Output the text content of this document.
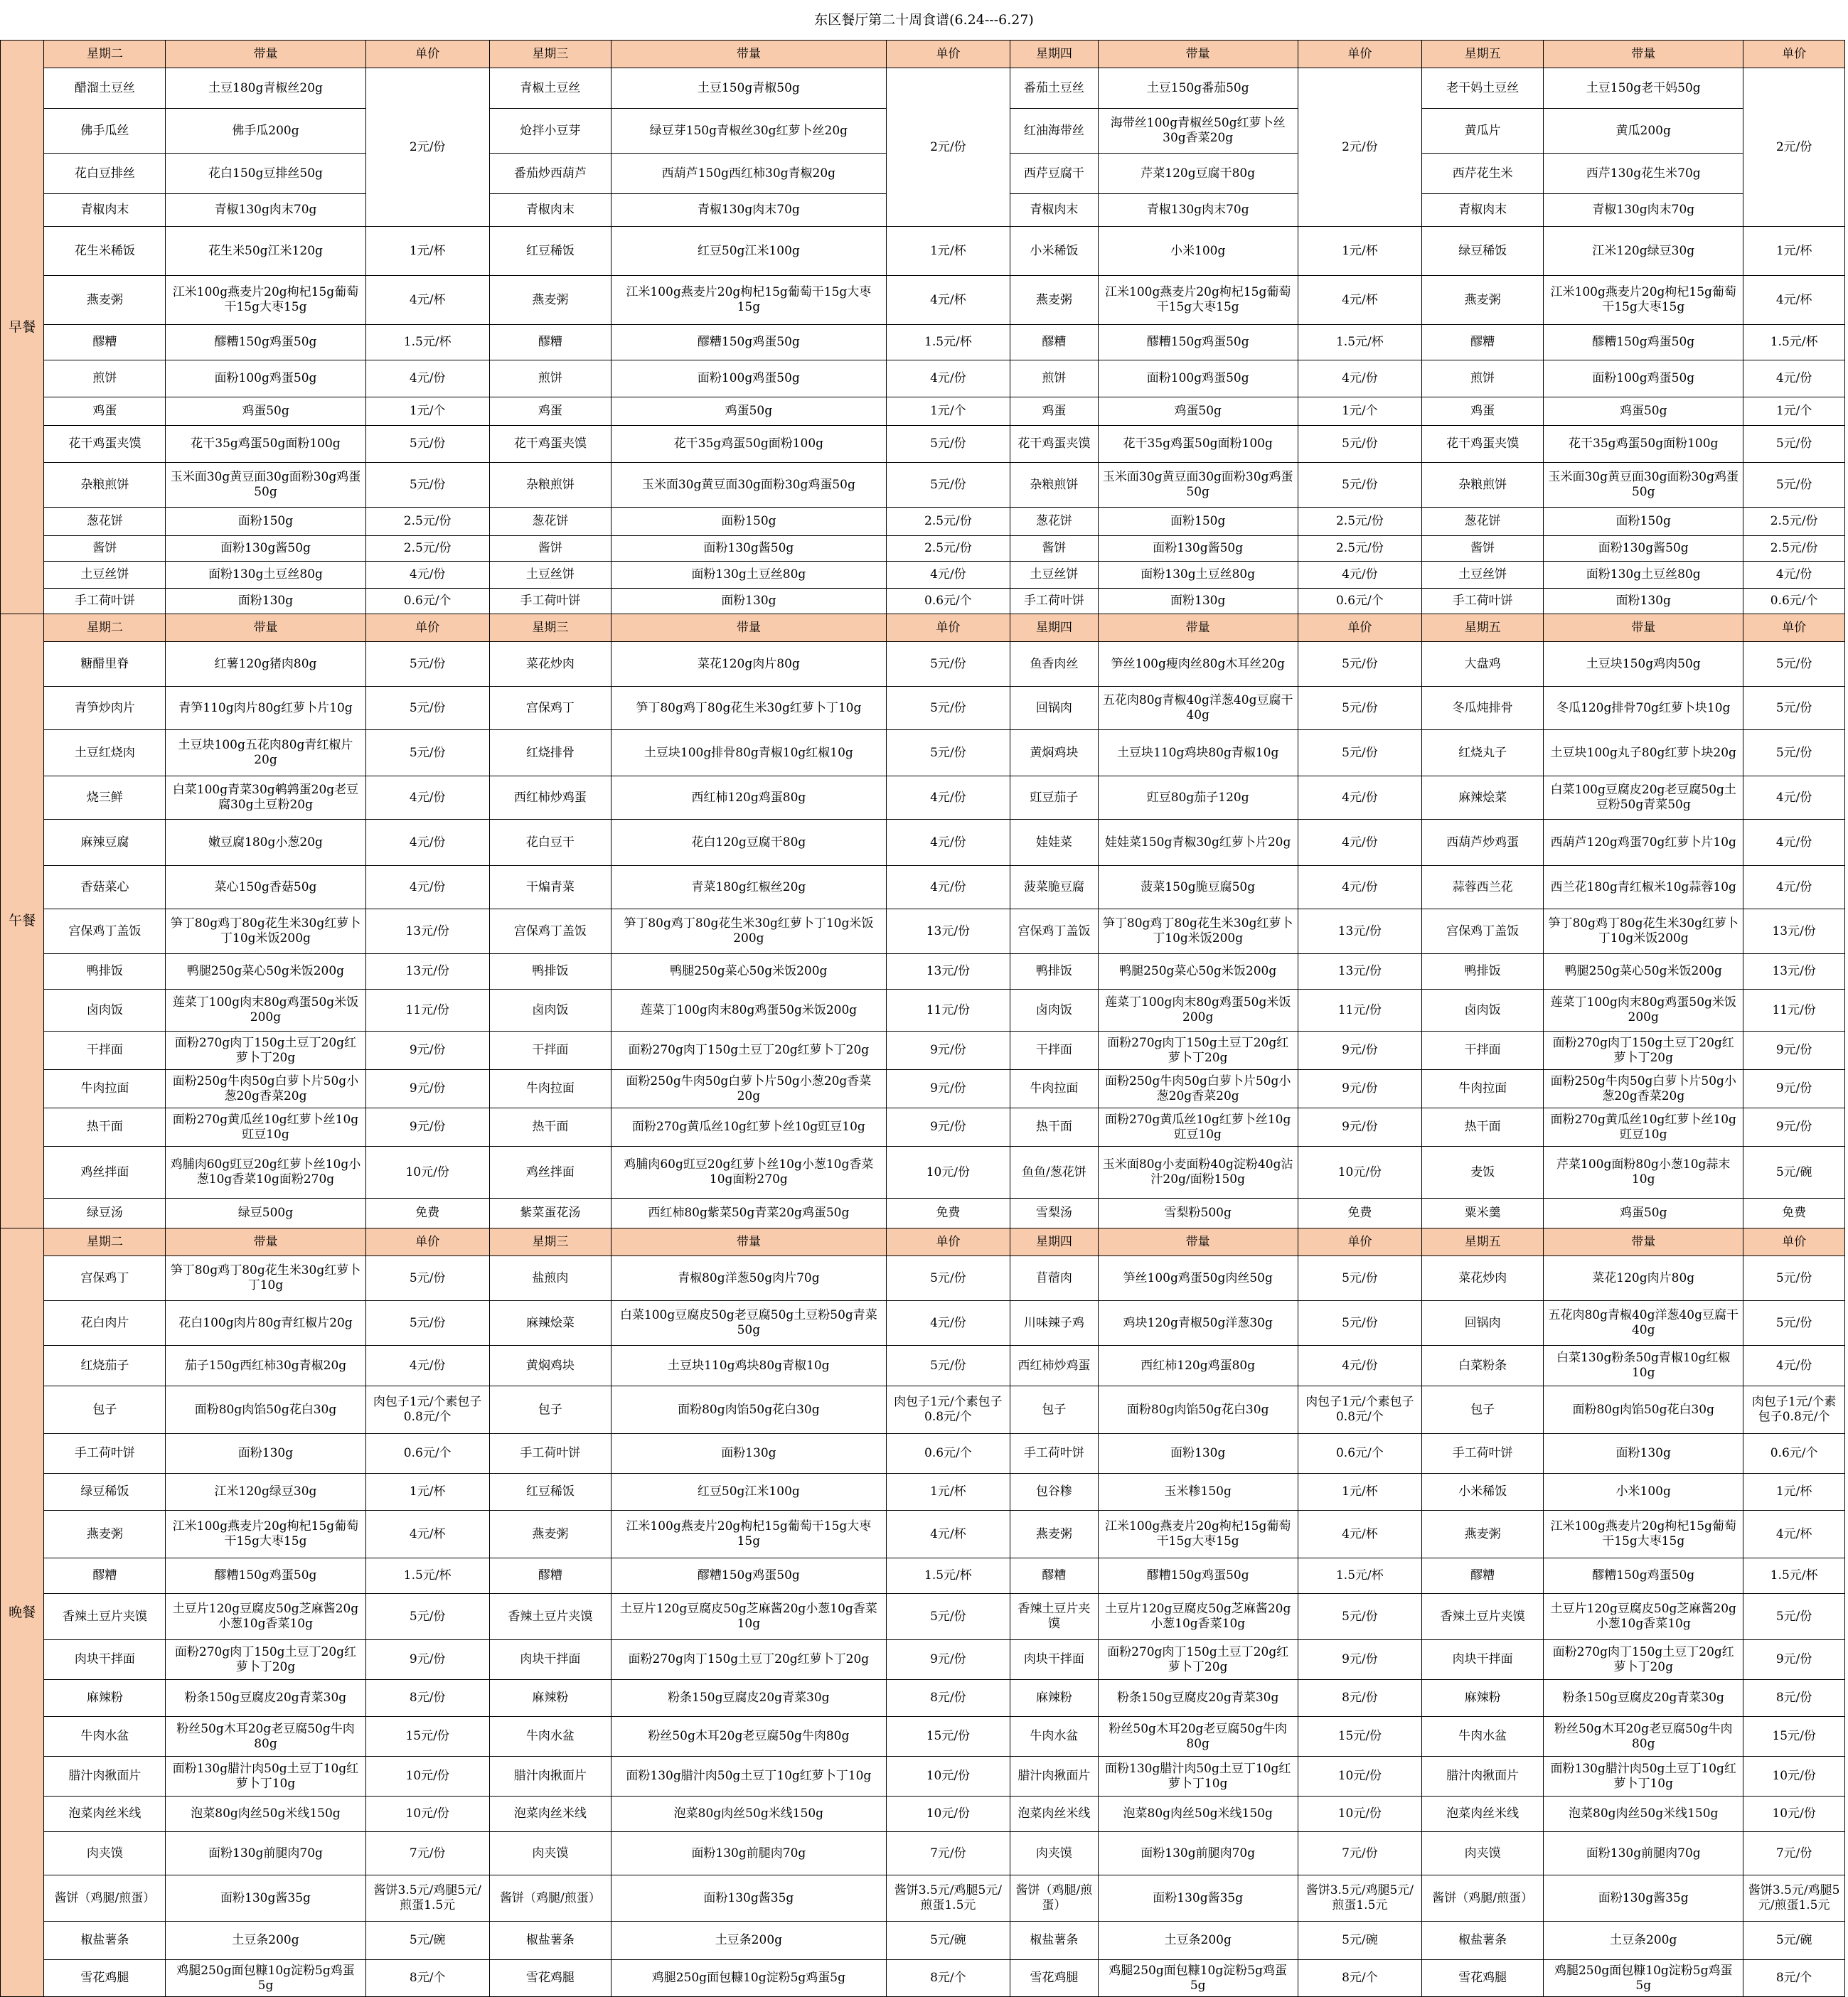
东区餐厅第二十周食谱(6.24---6.27)
早餐	星期二	带量	单价	星期三	带量	单价	星期四	带量	单价	星期五	带量	单价
	醋溜土豆丝	土豆180g青椒丝20g	2元/份	青椒土豆丝	土豆150g青椒50g	2元/份	番茄土豆丝	土豆150g番茄50g	2元/份	老干妈土豆丝	土豆150g老干妈50g	2元/份
	佛手瓜丝	佛手瓜200g		炝拌小豆芽	绿豆芽150g青椒丝30g红萝卜丝20g		红油海带丝	海带丝100g青椒丝50g红萝卜丝30g香菜20g		黄瓜片	黄瓜200g	
	花白豆排丝	花白150g豆排丝50g		番茄炒西葫芦	西葫芦150g西红柿30g青椒20g		西芹豆腐干	芹菜120g豆腐干80g		西芹花生米	西芹130g花生米70g	
	青椒肉末	青椒130g肉末70g		青椒肉末	青椒130g肉末70g		青椒肉末	青椒130g肉末70g		青椒肉末	青椒130g肉末70g	
	花生米稀饭	花生米50g江米120g	1元/杯	红豆稀饭	红豆50g江米100g	1元/杯	小米稀饭	小米100g	1元/杯	绿豆稀饭	江米120g绿豆30g	1元/杯
	燕麦粥	江米100g燕麦片20g枸杞15g葡萄干15g大枣15g	4元/杯	燕麦粥	江米100g燕麦片20g枸杞15g葡萄干15g大枣15g	4元/杯	燕麦粥	江米100g燕麦片20g枸杞15g葡萄干15g大枣15g	4元/杯	燕麦粥	江米100g燕麦片20g枸杞15g葡萄干15g大枣15g	4元/杯
	醪糟	醪糟150g鸡蛋50g	1.5元/杯	醪糟	醪糟150g鸡蛋50g	1.5元/杯	醪糟	醪糟150g鸡蛋50g	1.5元/杯	醪糟	醪糟150g鸡蛋50g	1.5元/杯
	煎饼	面粉100g鸡蛋50g	4元/份	煎饼	面粉100g鸡蛋50g	4元/份	煎饼	面粉100g鸡蛋50g	4元/份	煎饼	面粉100g鸡蛋50g	4元/份
	鸡蛋	鸡蛋50g	1元/个	鸡蛋	鸡蛋50g	1元/个	鸡蛋	鸡蛋50g	1元/个	鸡蛋	鸡蛋50g	1元/个
	花干鸡蛋夹馍	花干35g鸡蛋50g面粉100g	5元/份	花干鸡蛋夹馍	花干35g鸡蛋50g面粉100g	5元/份	花干鸡蛋夹馍	花干35g鸡蛋50g面粉100g	5元/份	花干鸡蛋夹馍	花干35g鸡蛋50g面粉100g	5元/份
	杂粮煎饼	玉米面30g黄豆面30g面粉30g鸡蛋50g	5元/份	杂粮煎饼	玉米面30g黄豆面30g面粉30g鸡蛋50g	5元/份	杂粮煎饼	玉米面30g黄豆面30g面粉30g鸡蛋50g	5元/份	杂粮煎饼	玉米面30g黄豆面30g面粉30g鸡蛋50g	5元/份
	葱花饼	面粉150g	2.5元/份	葱花饼	面粉150g	2.5元/份	葱花饼	面粉150g	2.5元/份	葱花饼	面粉150g	2.5元/份
	酱饼	面粉130g酱50g	2.5元/份	酱饼	面粉130g酱50g	2.5元/份	酱饼	面粉130g酱50g	2.5元/份	酱饼	面粉130g酱50g	2.5元/份
	土豆丝饼	面粉130g土豆丝80g	4元/份	土豆丝饼	面粉130g土豆丝80g	4元/份	土豆丝饼	面粉130g土豆丝80g	4元/份	土豆丝饼	面粉130g土豆丝80g	4元/份
	手工荷叶饼	面粉130g	0.6元/个	手工荷叶饼	面粉130g	0.6元/个	手工荷叶饼	面粉130g	0.6元/个	手工荷叶饼	面粉130g	0.6元/个
午餐	星期二	带量	单价	星期三	带量	单价	星期四	带量	单价	星期五	带量	单价
	糖醋里脊	红薯120g猪肉80g	5元/份	菜花炒肉	菜花120g肉片80g	5元/份	鱼香肉丝	笋丝100g瘦肉丝80g木耳丝20g	5元/份	大盘鸡	土豆块150g鸡肉50g	5元/份
	青笋炒肉片	青笋110g肉片80g红萝卜片10g	5元/份	宫保鸡丁	笋丁80g鸡丁80g花生米30g红萝卜丁10g	5元/份	回锅肉	五花肉80g青椒40g洋葱40g豆腐干40g	5元/份	冬瓜炖排骨	冬瓜120g排骨70g红萝卜块10g	5元/份
	土豆红烧肉	土豆块100g五花肉80g青红椒片20g	5元/份	红烧排骨	土豆块100g排骨80g青椒10g红椒10g	5元/份	黄焖鸡块	土豆块110g鸡块80g青椒10g	5元/份	红烧丸子	土豆块100g丸子80g红萝卜块20g	5元/份
	烧三鲜	白菜100g青菜30g鹌鹑蛋20g老豆腐30g土豆粉20g	4元/份	西红柿炒鸡蛋	西红柿120g鸡蛋80g	4元/份	豇豆茄子	豇豆80g茄子120g	4元/份	麻辣烩菜	白菜100g豆腐皮20g老豆腐50g土豆粉50g青菜50g	4元/份
	麻辣豆腐	嫩豆腐180g小葱20g	4元/份	花白豆干	花白120g豆腐干80g	4元/份	娃娃菜	娃娃菜150g青椒30g红萝卜片20g	4元/份	西葫芦炒鸡蛋	西葫芦120g鸡蛋70g红萝卜片10g	4元/份
	香菇菜心	菜心150g香菇50g	4元/份	干煸青菜	青菜180g红椒丝20g	4元/份	菠菜脆豆腐	菠菜150g脆豆腐50g	4元/份	蒜蓉西兰花	西兰花180g青红椒米10g蒜蓉10g	4元/份
	宫保鸡丁盖饭	笋丁80g鸡丁80g花生米30g红萝卜丁10g米饭200g	13元/份	宫保鸡丁盖饭	笋丁80g鸡丁80g花生米30g红萝卜丁10g米饭200g	13元/份	宫保鸡丁盖饭	笋丁80g鸡丁80g花生米30g红萝卜丁10g米饭200g	13元/份	宫保鸡丁盖饭	笋丁80g鸡丁80g花生米30g红萝卜丁10g米饭200g	13元/份
	鸭排饭	鸭腿250g菜心50g米饭200g	13元/份	鸭排饭	鸭腿250g菜心50g米饭200g	13元/份	鸭排饭	鸭腿250g菜心50g米饭200g	13元/份	鸭排饭	鸭腿250g菜心50g米饭200g	13元/份
	卤肉饭	莲菜丁100g肉末80g鸡蛋50g米饭200g	11元/份	卤肉饭	莲菜丁100g肉末80g鸡蛋50g米饭200g	11元/份	卤肉饭	莲菜丁100g肉末80g鸡蛋50g米饭200g	11元/份	卤肉饭	莲菜丁100g肉末80g鸡蛋50g米饭200g	11元/份
	干拌面	面粉270g肉丁150g土豆丁20g红萝卜丁20g	9元/份	干拌面	面粉270g肉丁150g土豆丁20g红萝卜丁20g	9元/份	干拌面	面粉270g肉丁150g土豆丁20g红萝卜丁20g	9元/份	干拌面	面粉270g肉丁150g土豆丁20g红萝卜丁20g	9元/份
	牛肉拉面	面粉250g牛肉50g白萝卜片50g小葱20g香菜20g	9元/份	牛肉拉面	面粉250g牛肉50g白萝卜片50g小葱20g香菜20g	9元/份	牛肉拉面	面粉250g牛肉50g白萝卜片50g小葱20g香菜20g	9元/份	牛肉拉面	面粉250g牛肉50g白萝卜片50g小葱20g香菜20g	9元/份
	热干面	面粉270g黄瓜丝10g红萝卜丝10g豇豆10g	9元/份	热干面	面粉270g黄瓜丝10g红萝卜丝10g豇豆10g	9元/份	热干面	面粉270g黄瓜丝10g红萝卜丝10g豇豆10g	9元/份	热干面	面粉270g黄瓜丝10g红萝卜丝10g豇豆10g	9元/份
	鸡丝拌面	鸡脯肉60g豇豆20g红萝卜丝10g小葱10g香菜10g面粉270g	10元/份	鸡丝拌面	鸡脯肉60g豇豆20g红萝卜丝10g小葱10g香菜10g面粉270g	10元/份	鱼鱼/葱花饼	玉米面80g小麦面粉40g淀粉40g沾汁20g/面粉150g	10元/份	麦饭	芹菜100g面粉80g小葱10g蒜末10g	5元/碗
	绿豆汤	绿豆500g	免费	紫菜蛋花汤	西红柿80g紫菜50g青菜20g鸡蛋50g	免费	雪梨汤	雪梨粉500g	免费	粟米羹	鸡蛋50g	免费
晚餐	星期二	带量	单价	星期三	带量	单价	星期四	带量	单价	星期五	带量	单价
	宫保鸡丁	笋丁80g鸡丁80g花生米30g红萝卜丁10g	5元/份	盐煎肉	青椒80g洋葱50g肉片70g	5元/份	苜蓿肉	笋丝100g鸡蛋50g肉丝50g	5元/份	菜花炒肉	菜花120g肉片80g	5元/份
	花白肉片	花白100g肉片80g青红椒片20g	5元/份	麻辣烩菜	白菜100g豆腐皮50g老豆腐50g土豆粉50g青菜50g	4元/份	川味辣子鸡	鸡块120g青椒50g洋葱30g	5元/份	回锅肉	五花肉80g青椒40g洋葱40g豆腐干40g	5元/份
	红烧茄子	茄子150g西红柿30g青椒20g	4元/份	黄焖鸡块	土豆块110g鸡块80g青椒10g	5元/份	西红柿炒鸡蛋	西红柿120g鸡蛋80g	4元/份	白菜粉条	白菜130g粉条50g青椒10g红椒10g	4元/份
	包子	面粉80g肉馅50g花白30g	肉包子1元/个素包子0.8元/个	包子	面粉80g肉馅50g花白30g	肉包子1元/个素包子0.8元/个	包子	面粉80g肉馅50g花白30g	肉包子1元/个素包子0.8元/个	包子	面粉80g肉馅50g花白30g	肉包子1元/个素包子0.8元/个
	手工荷叶饼	面粉130g	0.6元/个	手工荷叶饼	面粉130g	0.6元/个	手工荷叶饼	面粉130g	0.6元/个	手工荷叶饼	面粉130g	0.6元/个
	绿豆稀饭	江米120g绿豆30g	1元/杯	红豆稀饭	红豆50g江米100g	1元/杯	包谷糁	玉米糁150g	1元/杯	小米稀饭	小米100g	1元/杯
	燕麦粥	江米100g燕麦片20g枸杞15g葡萄干15g大枣15g	4元/杯	燕麦粥	江米100g燕麦片20g枸杞15g葡萄干15g大枣15g	4元/杯	燕麦粥	江米100g燕麦片20g枸杞15g葡萄干15g大枣15g	4元/杯	燕麦粥	江米100g燕麦片20g枸杞15g葡萄干15g大枣15g	4元/杯
	醪糟	醪糟150g鸡蛋50g	1.5元/杯	醪糟	醪糟150g鸡蛋50g	1.5元/杯	醪糟	醪糟150g鸡蛋50g	1.5元/杯	醪糟	醪糟150g鸡蛋50g	1.5元/杯
	香辣土豆片夹馍	土豆片120g豆腐皮50g芝麻酱20g小葱10g香菜10g	5元/份	香辣土豆片夹馍	土豆片120g豆腐皮50g芝麻酱20g小葱10g香菜10g	5元/份	香辣土豆片夹馍	土豆片120g豆腐皮50g芝麻酱20g小葱10g香菜10g	5元/份	香辣土豆片夹馍	土豆片120g豆腐皮50g芝麻酱20g小葱10g香菜10g	5元/份
	肉块干拌面	面粉270g肉丁150g土豆丁20g红萝卜丁20g	9元/份	肉块干拌面	面粉270g肉丁150g土豆丁20g红萝卜丁20g	9元/份	肉块干拌面	面粉270g肉丁150g土豆丁20g红萝卜丁20g	9元/份	肉块干拌面	面粉270g肉丁150g土豆丁20g红萝卜丁20g	9元/份
	麻辣粉	粉条150g豆腐皮20g青菜30g	8元/份	麻辣粉	粉条150g豆腐皮20g青菜30g	8元/份	麻辣粉	粉条150g豆腐皮20g青菜30g	8元/份	麻辣粉	粉条150g豆腐皮20g青菜30g	8元/份
	牛肉水盆	粉丝50g木耳20g老豆腐50g牛肉80g	15元/份	牛肉水盆	粉丝50g木耳20g老豆腐50g牛肉80g	15元/份	牛肉水盆	粉丝50g木耳20g老豆腐50g牛肉80g	15元/份	牛肉水盆	粉丝50g木耳20g老豆腐50g牛肉80g	15元/份
	腊汁肉揪面片	面粉130g腊汁肉50g土豆丁10g红萝卜丁10g	10元/份	腊汁肉揪面片	面粉130g腊汁肉50g土豆丁10g红萝卜丁10g	10元/份	腊汁肉揪面片	面粉130g腊汁肉50g土豆丁10g红萝卜丁10g	10元/份	腊汁肉揪面片	面粉130g腊汁肉50g土豆丁10g红萝卜丁10g	10元/份
	泡菜肉丝米线	泡菜80g肉丝50g米线150g	10元/份	泡菜肉丝米线	泡菜80g肉丝50g米线150g	10元/份	泡菜肉丝米线	泡菜80g肉丝50g米线150g	10元/份	泡菜肉丝米线	泡菜80g肉丝50g米线150g	10元/份
	肉夹馍	面粉130g前腿肉70g	7元/份	肉夹馍	面粉130g前腿肉70g	7元/份	肉夹馍	面粉130g前腿肉70g	7元/份	肉夹馍	面粉130g前腿肉70g	7元/份
	酱饼（鸡腿/煎蛋）	面粉130g酱35g	酱饼3.5元/鸡腿5元/煎蛋1.5元	酱饼（鸡腿/煎蛋）	面粉130g酱35g	酱饼3.5元/鸡腿5元/煎蛋1.5元	酱饼（鸡腿/煎蛋）	面粉130g酱35g	酱饼3.5元/鸡腿5元/煎蛋1.5元	酱饼（鸡腿/煎蛋）	面粉130g酱35g	酱饼3.5元/鸡腿5元/煎蛋1.5元
	椒盐薯条	土豆条200g	5元/碗	椒盐薯条	土豆条200g	5元/碗	椒盐薯条	土豆条200g	5元/碗	椒盐薯条	土豆条200g	5元/碗
	雪花鸡腿	鸡腿250g面包糠10g淀粉5g鸡蛋5g	8元/个	雪花鸡腿	鸡腿250g面包糠10g淀粉5g鸡蛋5g	8元/个	雪花鸡腿	鸡腿250g面包糠10g淀粉5g鸡蛋5g	8元/个	雪花鸡腿	鸡腿250g面包糠10g淀粉5g鸡蛋5g	8元/个
